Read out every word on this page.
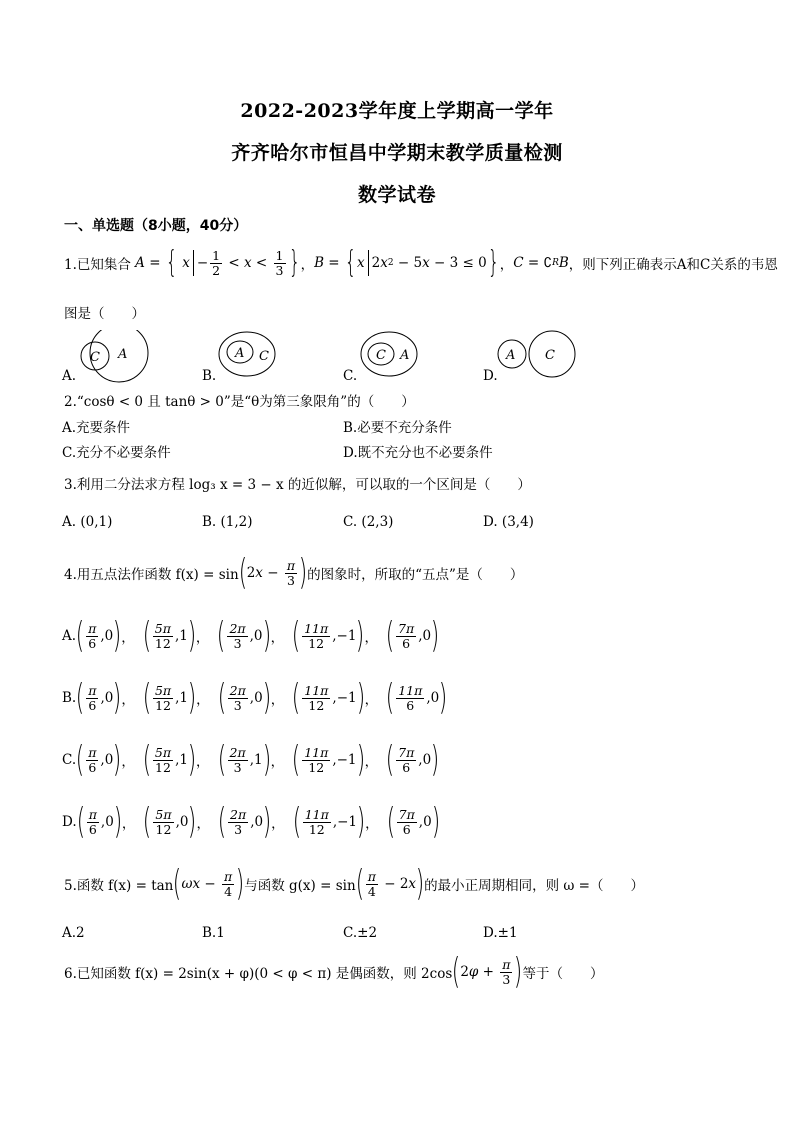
2022-2023学年度上学期高一学年
齐齐哈尔市恒昌中学期末教学质量检测
数学试卷
一、单选题（8小题，40分）
1.已知集合 A = { $x - \frac{1}{2} < x < \frac{1}{3}$ } ， B = { x 2 x 2 − 5 x − 3 ≤ 0 } ， C = ∁ R B ，则下列正确表示A和C关系的韦恩
图是（　　）
C A
A.
A C
B.
C A
C.
A C
D.
2.“cosθ < 0 且 tanθ > 0”是“θ为第三象限角”的（　　）
A.充要条件	B.必要不充分条件
C.充分不必要条件	D.既不充分也不必要条件
3.利用二分法求方程 log₃ x = 3 − x 的近似解，可以取的一个区间是（　　）
A. (0,1)	B. (1,2)	C. (2,3)	D. (3,4)
4.用五点法作函数 f(x) = sin ( 2 $x - \frac{\pi}{3}$ ) 的图象时，所取的“五点”是（　　）
A. ( $\frac{\pi}{6} ,0$ ) ， ( $\frac{5\pi}{12} ,1$ ) ， ( $\frac{2\pi}{3} ,0$ ) ， ( $\frac{11\pi}{12} ,-1$ ) ， ( $\frac{7\pi}{6} ,0$ )
B. ( $\frac{\pi}{6} ,0$ ) ， ( $\frac{5\pi}{12} ,1$ ) ， ( $\frac{2\pi}{3} ,0$ ) ， ( $\frac{11\pi}{12} ,-1$ ) ， ( $\frac{11\pi}{6} ,0$ )
C. ( $\frac{\pi}{6} ,0$ ) ， ( $\frac{5\pi}{12} ,1$ ) ， ( $\frac{2\pi}{3} ,1$ ) ， ( $\frac{11\pi}{12} ,-1$ ) ， ( $\frac{7\pi}{6} ,0$ )
D. ( $\frac{\pi}{6} ,0$ ) ， ( $\frac{5\pi}{12} ,0$ ) ， ( $\frac{2\pi}{3} ,0$ ) ， ( $\frac{11\pi}{12} ,-1$ ) ， ( $\frac{7\pi}{6} ,0$ )
5.函数 f(x) = tan ( $\omega x - \frac{\pi}{4}$ ) 与函数 g(x) = sin ( $\frac{\pi}{4} - 2$ x ) 的最小正周期相同，则 ω =（　　）
A.2	B.1	C.±2	D.±1
6.已知函数 f(x) = 2sin(x + φ)(0 < φ < π) 是偶函数，则 2cos ( 2 $\varphi + \frac{\pi}{3}$ ) 等于（　　）
